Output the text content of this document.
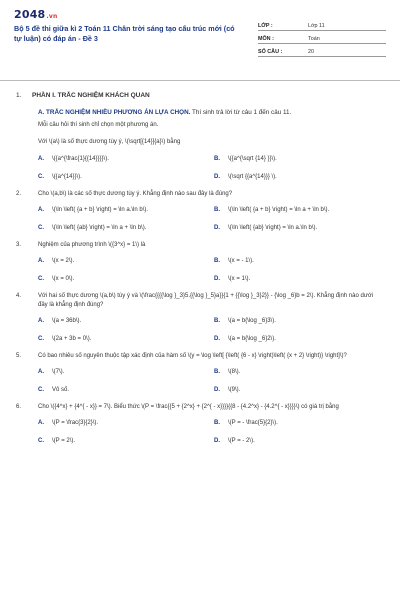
2048.vn
Bộ 5 đề thi giữa kì 2 Toán 11 Chân trời sáng tạo cấu trúc mới (có tự luận) có đáp án - Đề 3
LỚP :	Lớp 11
MÔN :	Toán
SỐ CÂU :	20
1.	PHẦN I. TRẮC NGHIỆM KHÁCH QUAN
A. TRẮC NGHIỆM NHIỀU PHƯƠNG ÁN LỰA CHỌN. Thí sinh trả lời từ câu 1 đến câu 11.
Mỗi câu hỏi thí sinh chỉ chọn một phương án.
Với \(a\) là số thực dương tùy ý, \(\sqrt[{14}]{a}\) bằng
A.	\({a^{\frac{1}{{14}}}}\).	B.	\({a^{\sqrt {14} }}\).
C.	\({a^{14}}\).	D.	\(\sqrt {{a^{14}}} \).
2.	Cho \(a,b\) là các số thực dương tùy ý. Khẳng định nào sau đây là đúng?
A.	\(\ln \left( {a + b} \right) = \ln a.\ln b\).	B.	\(\ln \left( {a + b} \right) = \ln a + \ln b\).
C.	\(\ln \left( {ab} \right) = \ln a + \ln b\).	D.	\(\ln \left( {ab} \right) = \ln a.\ln b\).
3.	Nghiệm của phương trình \({3^x} = 1\) là
A.	\(x = 2\).	B.	\(x = - 1\).
C.	\(x = 0\).	D.	\(x = 1\).
4.	Với hai số thực dương \(a,b\) tùy ý và \(\frac{{{{\log }_3}5.{{\log }_5}a}}{1 + {{\log }_3}2}} - {\log _6}b = 2\). Khẳng định nào dưới đây là khẳng định đúng?
A.	\(a = 36b\).	B.	\(a = b{\log _6}3\).
C.	\(2a + 3b = 0\).	D.	\(a = b{\log _6}2\).
5.	Có bao nhiêu số nguyên thuộc tập xác định của hàm số \(y = \log \left[ {\left( {6 - x} \right)\left( {x + 2} \right)} \right]\)?
A.	\(7\).	B.	\(8\).
C.	Vô số.	D.	\(9\).
6.	Cho \({4^x} + {4^{ - x}} = 7\). Biểu thức \(P = \frac{{5 + {2^x} + {2^{ - x}}}}{{8 - {4.2^x} - {4.2^{ - x}}}}\) có giá trị bằng
A.	\(P = \frac{3}{2}\).	B.	\(P = - \frac{5}{2}\).
C.	\(P = 2\).	D.	\(P = - 2\).
